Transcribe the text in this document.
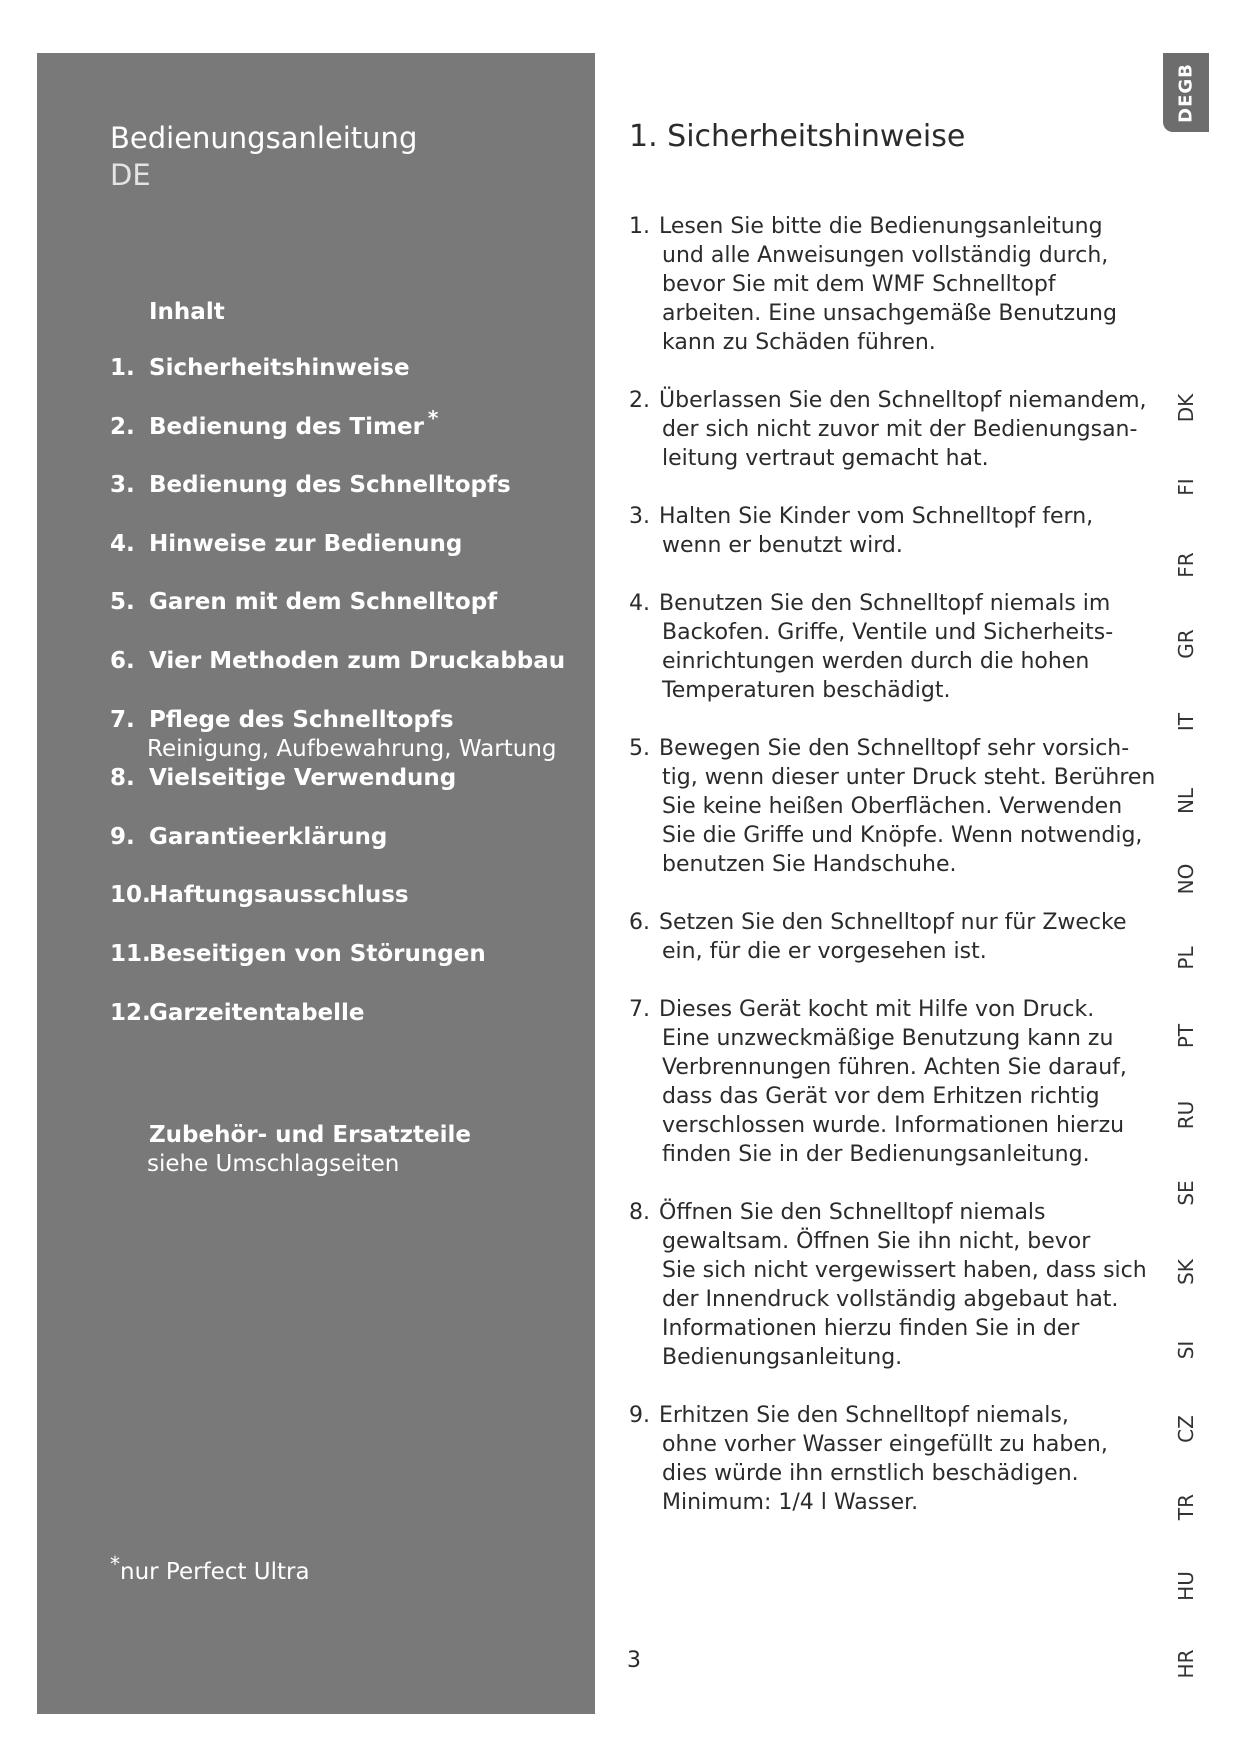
Bedienungsanleitung
DE
Inhalt
1. Sicherheitshinweise
2. Bedienung des Timer *
3. Bedienung des Schnelltopfs
4. Hinweise zur Bedienung
5. Garen mit dem Schnelltopf
6. Vier Methoden zum Druckabbau
7. Pflege des Schnelltopfs
Reinigung, Aufbewahrung, Wartung
8. Vielseitige Verwendung
9. Garantieerklärung
10.
Haftungsausschluss
11.
Beseitigen von Störungen
12.
Garzeitentabelle
Zubehör- und Ersatzteile
siehe Umschlagseiten
*nur Perfect Ultra
1. Sicherheitshinweise
1. Lesen Sie bitte die Bedienungsanleitung
und alle Anweisungen vollständig durch,
bevor Sie mit dem WMF Schnelltopf
arbeiten. Eine unsachgemäße Benutzung
kann zu Schäden führen.
2. Überlassen Sie den Schnelltopf niemandem,
der sich nicht zuvor mit der Bedienungsan-
leitung vertraut gemacht hat.
3. Halten Sie Kinder vom Schnelltopf fern,
wenn er benutzt wird.
4. Benutzen Sie den Schnelltopf niemals im
Backofen. Griffe, Ventile und Sicherheits-
einrichtungen werden durch die hohen
Temperaturen beschädigt.
5. Bewegen Sie den Schnelltopf sehr vorsich-
tig, wenn dieser unter Druck steht. Berühren
Sie keine heißen Oberflächen. Verwenden
Sie die Griffe und Knöpfe. Wenn notwendig,
benutzen Sie Handschuhe.
6. Setzen Sie den Schnelltopf nur für Zwecke
ein, für die er vorgesehen ist.
7. Dieses Gerät kocht mit Hilfe von Druck.
Eine unzweckmäßige Benutzung kann zu
Verbrennungen führen. Achten Sie darauf,
dass das Gerät vor dem Erhitzen richtig
verschlossen wurde. Informationen hierzu
finden Sie in der Bedienungsanleitung.
8. Öffnen Sie den Schnelltopf niemals
gewaltsam. Öffnen Sie ihn nicht, bevor
Sie sich nicht vergewissert haben, dass sich
der Innendruck vollständig abgebaut hat.
Informationen hierzu finden Sie in der
Bedienungsanleitung.
9. Erhitzen Sie den Schnelltopf niemals,
ohne vorher Wasser eingefüllt zu haben,
dies würde ihn ernstlich beschädigen.
Minimum: 1/4 l Wasser.
3
DEGB
DK
FI
FR
GR
IT
NL
NO
PL
PT
RU
SE
SK
SI
CZ
TR
HU
HR
